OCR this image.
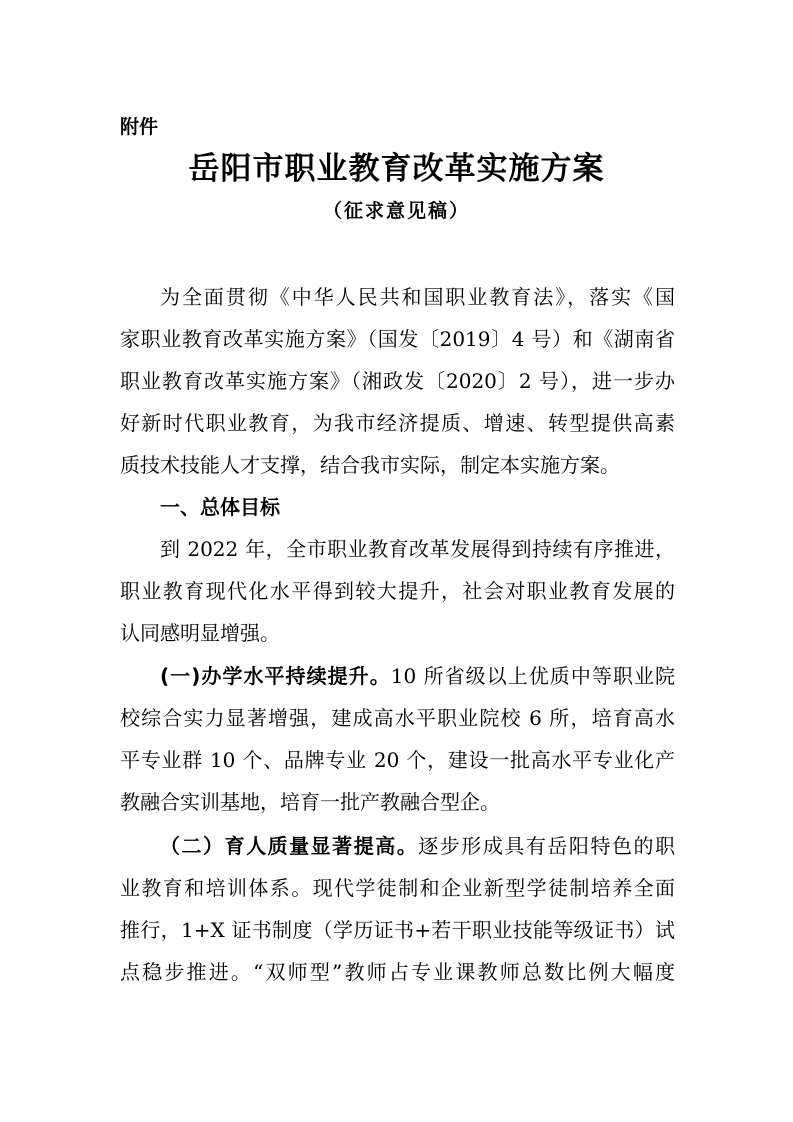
附件
岳阳市职业教育改革实施方案
（征求意见稿）
为全面贯彻《中华人民共和国职业教育法》，落实《国
家职业教育改革实施方案》（国发〔2019〕4 号）和《湖南省
职业教育改革实施方案》（湘政发〔2020〕2 号），进一步办
好新时代职业教育，为我市经济提质、增速、转型提供高素
质技术技能人才支撑，结合我市实际，制定本实施方案。
一、总体目标
到 2022 年，全市职业教育改革发展得到持续有序推进，
职业教育现代化水平得到较大提升，社会对职业教育发展的
认同感明显增强。
(一)办学水平持续提升。10 所省级以上优质中等职业院
校综合实力显著增强，建成高水平职业院校 6 所，培育高水
平专业群 10 个、品牌专业 20 个，建设一批高水平专业化产
教融合实训基地，培育一批产教融合型企。
（二）育人质量显著提高。逐步形成具有岳阳特色的职
业教育和培训体系。现代学徒制和企业新型学徒制培养全面
推行，1+X 证书制度（学历证书+若干职业技能等级证书）试
点稳步推进。“双师型”教师占专业课教师总数比例大幅度
